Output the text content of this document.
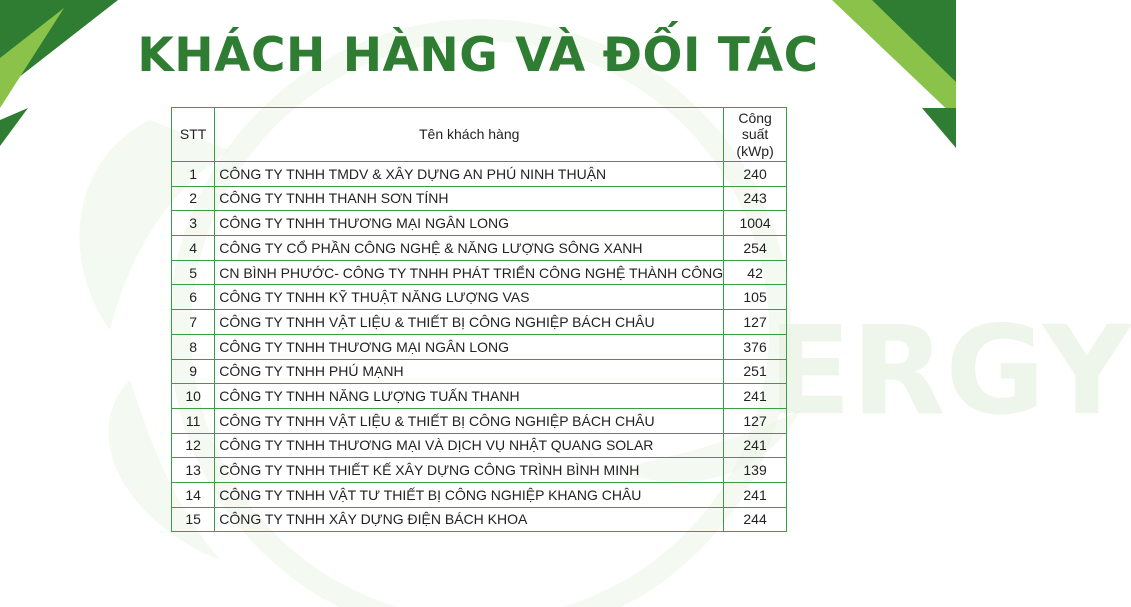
ERGY
KHÁCH HÀNG VÀ ĐỐI TÁC
STT	Tên khách hàng	Công suất
(kWp)
1	CÔNG TY TNHH TMDV & XÂY DỰNG AN PHÚ NINH THUẬN	240
2	CÔNG TY TNHH THANH SƠN TÍNH	243
3	CÔNG TY TNHH THƯƠNG MẠI NGÂN LONG	1004
4	CÔNG TY CỔ PHẦN CÔNG NGHỆ & NĂNG LƯỢNG SÔNG XANH	254
5	CN BÌNH PHƯỚC- CÔNG TY TNHH PHÁT TRIỂN CÔNG NGHỆ THÀNH CÔNG	42
6	CÔNG TY TNHH KỸ THUẬT NĂNG LƯỢNG VAS	105
7	CÔNG TY TNHH VẬT LIỆU & THIẾT BỊ CÔNG NGHIỆP BÁCH CHÂU	127
8	CÔNG TY TNHH THƯƠNG MẠI NGÂN LONG	376
9	CÔNG TY TNHH PHÚ MẠNH	251
10	CÔNG TY TNHH NĂNG LƯỢNG TUẤN THANH	241
11	CÔNG TY TNHH VẬT LIỆU & THIẾT BỊ CÔNG NGHIỆP BÁCH CHÂU	127
12	CÔNG TY TNHH THƯƠNG MẠI VÀ DỊCH VỤ NHẬT QUANG SOLAR	241
13	CÔNG TY TNHH THIẾT KẾ XÂY DỰNG CÔNG TRÌNH BÌNH MINH	139
14	CÔNG TY TNHH VẬT TƯ THIẾT BỊ CÔNG NGHIỆP KHANG CHÂU	241
15	CÔNG TY TNHH XÂY DỰNG ĐIỆN BÁCH KHOA	244
